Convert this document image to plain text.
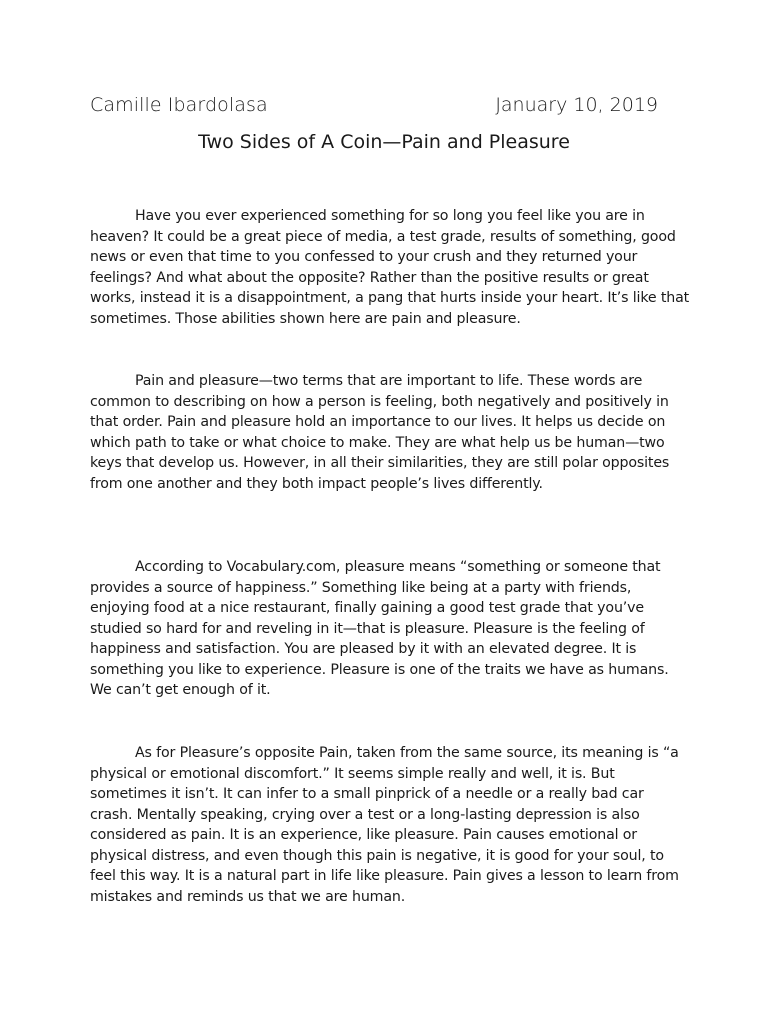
Camille Ibardolasa	January 10, 2019
Two Sides of A Coin—Pain and Pleasure

Have you ever experienced something for so long you feel like you are in heaven? It could be a great piece of media, a test grade, results of something, good news or even that time to you confessed to your crush and they returned your feelings? And what about the opposite? Rather than the positive results or great works, instead it is a disappointment, a pang that hurts inside your heart. It’s like that sometimes. Those abilities shown here are pain and pleasure.

Pain and pleasure—two terms that are important to life. These words are common to describing on how a person is feeling, both negatively and positively in that order. Pain and pleasure hold an importance to our lives. It helps us decide on which path to take or what choice to make. They are what help us be human—two keys that develop us. However, in all their similarities, they are still polar opposites from one another and they both impact people’s lives differently.

According to Vocabulary.com, pleasure means “something or someone that provides a source of happiness.” Something like being at a party with friends, enjoying food at a nice restaurant, finally gaining a good test grade that you’ve studied so hard for and reveling in it—that is pleasure. Pleasure is the feeling of happiness and satisfaction. You are pleased by it with an elevated degree. It is something you like to experience. Pleasure is one of the traits we have as humans. We can’t get enough of it.

As for Pleasure’s opposite Pain, taken from the same source, its meaning is “a physical or emotional discomfort.” It seems simple really and well, it is. But sometimes it isn’t. It can infer to a small pinprick of a needle or a really bad car crash. Mentally speaking, crying over a test or a long-lasting depression is also considered as pain. It is an experience, like pleasure. Pain causes emotional or physical distress, and even though this pain is negative, it is good for your soul, to feel this way. It is a natural part in life like pleasure. Pain gives a lesson to learn from mistakes and reminds us that we are human.
